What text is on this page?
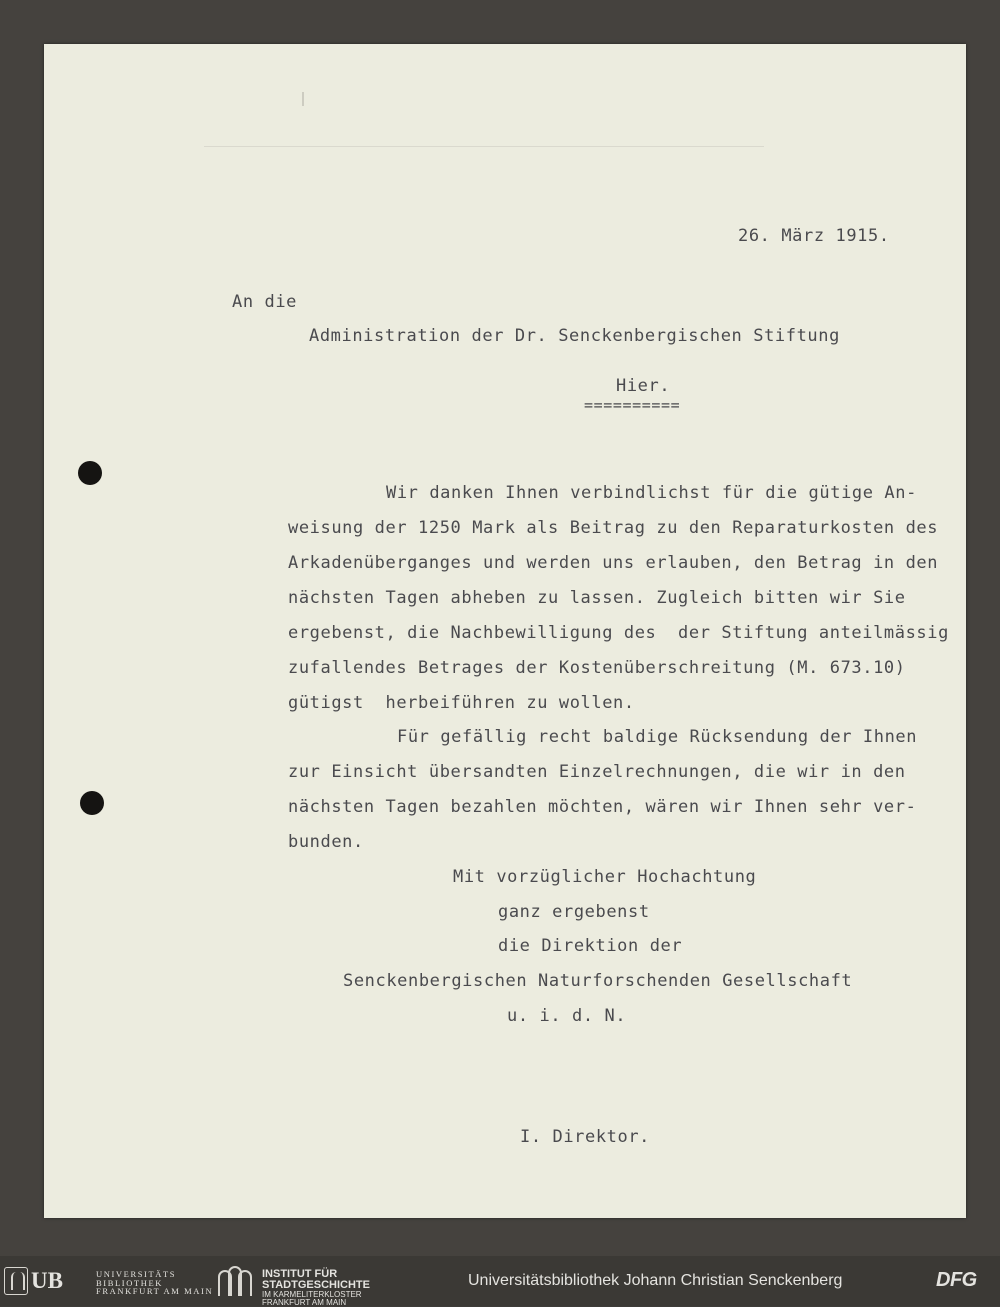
26. März 1915.

An die

Administration der Dr. Senckenbergischen Stiftung

Hier.

==========

Wir danken Ihnen verbindlichst für die gütige An-

weisung der 1250 Mark als Beitrag zu den Reparaturkosten des

Arkadenüberganges und werden uns erlauben, den Betrag in den

nächsten Tagen abheben zu lassen. Zugleich bitten wir Sie

ergebenst, die Nachbewilligung des  der Stiftung anteilmässig

zufallendes Betrages der Kostenüberschreitung (M. 673.10)

gütigst  herbeiführen zu wollen.

Für gefällig recht baldige Rücksendung der Ihnen

zur Einsicht übersandten Einzelrechnungen, die wir in den

nächsten Tagen bezahlen möchten, wären wir Ihnen sehr ver-

bunden.

Mit vorzüglicher Hochachtung

ganz ergebenst

die Direktion der

Senckenbergischen Naturforschenden Gesellschaft

u. i. d. N.

I. Direktor.

UB	UNIVERSITÄTS
BIBLIOTHEK
FRANKFURT AM MAIN
INSTITUT FÜR
STADTGESCHICHTE
IM KARMELITERKLOSTER
FRANKFURT AM MAIN
Universitätsbibliothek Johann Christian Senckenberg	DFG
